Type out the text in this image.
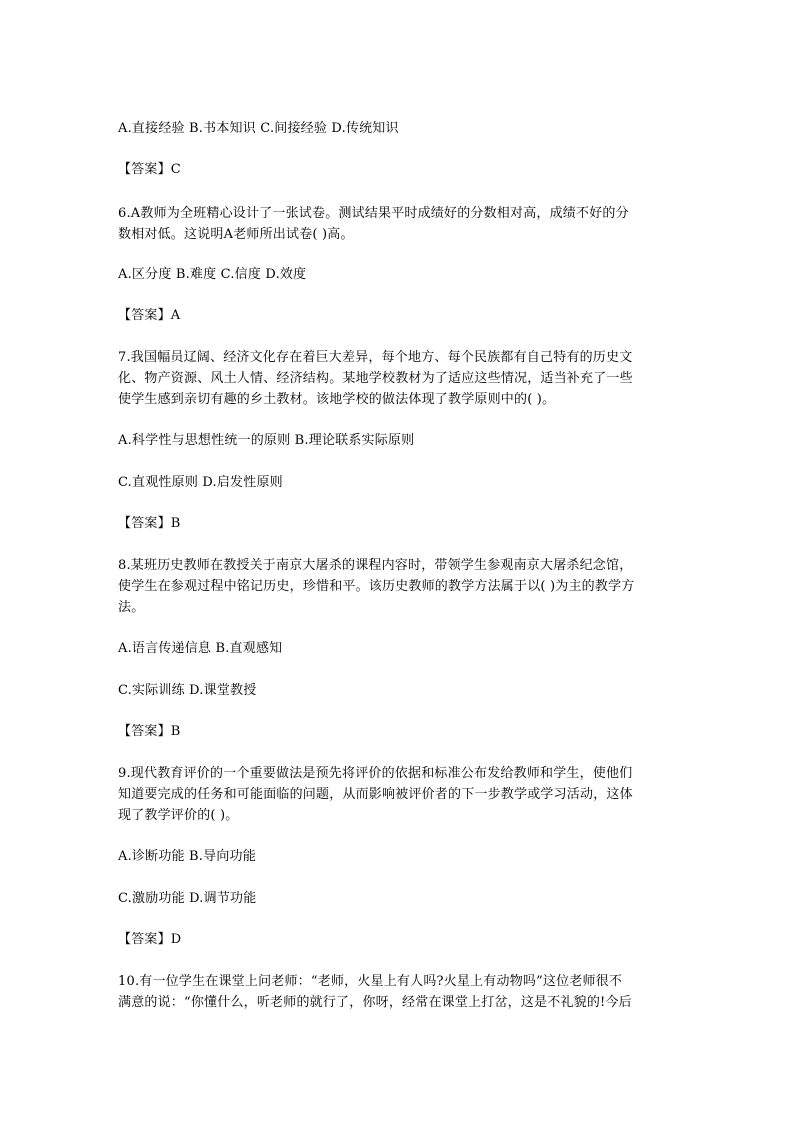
A.直接经验 B.书本知识 C.间接经验 D.传统知识
【答案】C
6.A教师为全班精心设计了一张试卷。测试结果平时成绩好的分数相对高，成绩不好的分
数相对低。这说明A老师所出试卷( )高。
A.区分度 B.难度 C.信度 D.效度
【答案】A
7.我国幅员辽阔、经济文化存在着巨大差异，每个地方、每个民族都有自己特有的历史文
化、物产资源、风土人情、经济结构。某地学校教材为了适应这些情况，适当补充了一些
使学生感到亲切有趣的乡土教材。该地学校的做法体现了教学原则中的( )。
A.科学性与思想性统一的原则 B.理论联系实际原则
C.直观性原则 D.启发性原则
【答案】B
8.某班历史教师在教授关于南京大屠杀的课程内容时，带领学生参观南京大屠杀纪念馆，
使学生在参观过程中铭记历史，珍惜和平。该历史教师的教学方法属于以( )为主的教学方
法。
A.语言传递信息 B.直观感知
C.实际训练 D.课堂教授
【答案】B
9.现代教育评价的一个重要做法是预先将评价的依据和标准公布发给教师和学生，使他们
知道要完成的任务和可能面临的问题，从而影响被评价者的下一步教学或学习活动，这体
现了教学评价的( )。
A.诊断功能 B.导向功能
C.激励功能 D.调节功能
【答案】D
10.有一位学生在课堂上问老师：“老师，火星上有人吗?火星上有动物吗”这位老师很不
满意的说：“你懂什么，听老师的就行了，你呀，经常在课堂上打岔，这是不礼貌的!今后
